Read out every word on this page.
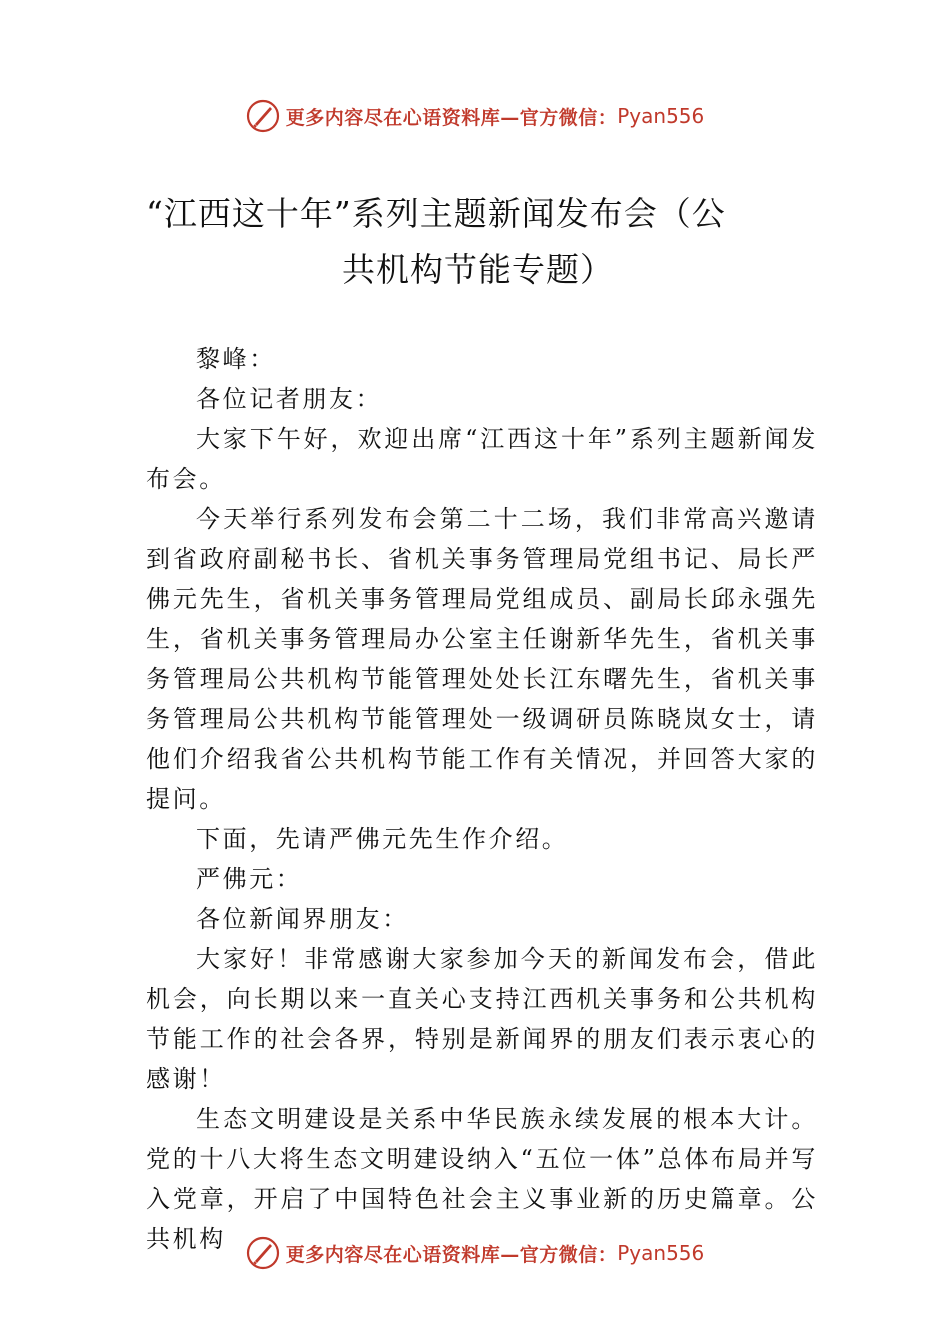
更多内容尽在心语资料库—官方微信： Pyan556
“江西这十年”系列主题新闻发布会（公
共机构节能专题）

黎峰：

各位记者朋友：

大家下午好，欢迎出席“江西这十年”系列主题新闻发布会。

今天举行系列发布会第二十二场，我们非常高兴邀请到省政府副秘书长、省机关事务管理局党组书记、局长严佛元先生，省机关事务管理局党组成员、副局长邱永强先生，省机关事务管理局办公室主任谢新华先生，省机关事务管理局公共机构节能管理处处长江东曙先生，省机关事务管理局公共机构节能管理处一级调研员陈晓岚女士，请他们介绍我省公共机构节能工作有关情况，并回答大家的提问。

下面，先请严佛元先生作介绍。

严佛元：

各位新闻界朋友：

大家好！非常感谢大家参加今天的新闻发布会，借此机会，向长期以来一直关心支持江西机关事务和公共机构节能工作的社会各界，特别是新闻界的朋友们表示衷心的感谢！

生态文明建设是关系中华民族永续发展的根本大计。党的十八大将生态文明建设纳入“五位一体”总体布局并写入党章，开启了中国特色社会主义事业新的历史篇章。公共机构

更多内容尽在心语资料库—官方微信： Pyan556
